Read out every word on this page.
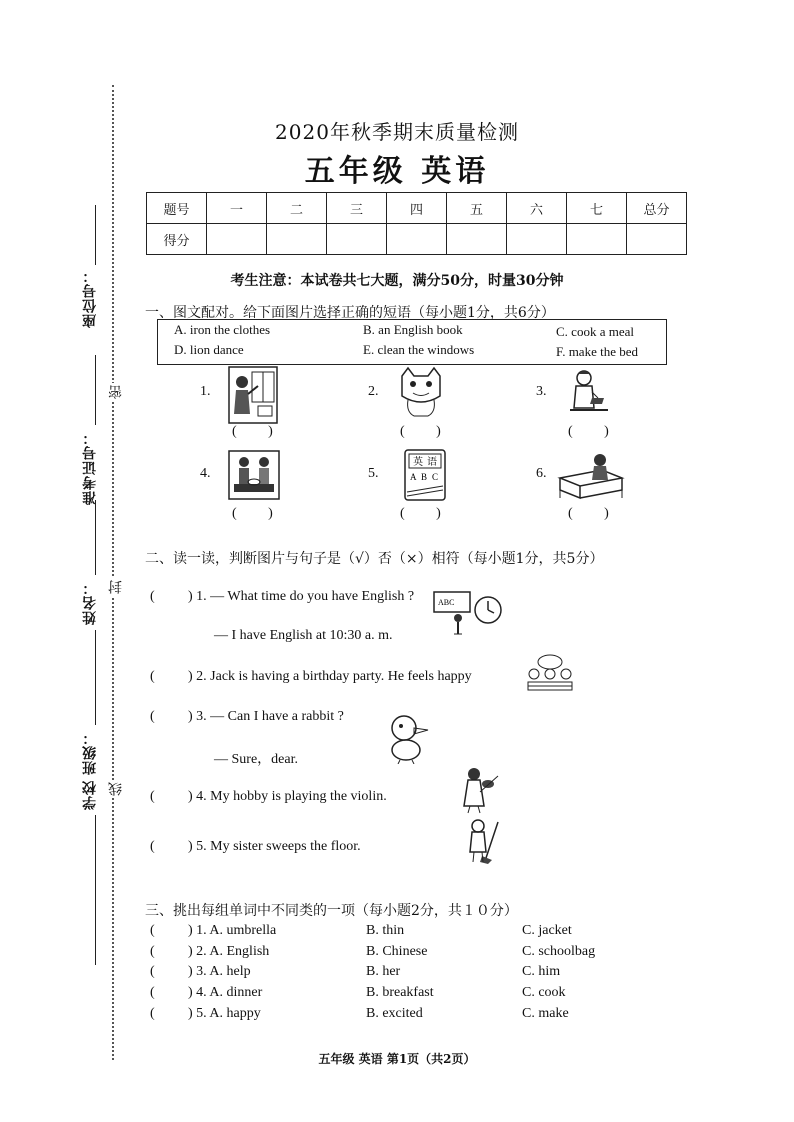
座位号：
准考证号：
姓名：
班级：
学校
密
封
线
2020年秋季期末质量检测
五年级 英语
题号	一	二	三	四	五	六	七	总分
得分								
考生注意：本试卷共七大题，满分50分，时量30分钟
一、图文配对。给下面图片选择正确的短语（每小题1分，共6分）
A. iron the clothes	B. an English book	C. cook a meal
D. lion dance	E. clean the windows	F. make the bed
1.
( )
2.
( )
3.
( )
4.
( )
5.
英 语
A B C
( )
6.
( )
二、读一读，判断图片与句子是（√）否（×）相符（每小题1分，共5分）
( ) 1. — What time do you have English ?	ABC
— I have English at 10:30 a. m.
( ) 2. Jack is having a birthday party. He feels happy
( ) 3. — Can I have a rabbit ?
— Sure，dear.
( ) 4. My hobby is playing the violin.
( ) 5. My sister sweeps the floor.
三、挑出每组单词中不同类的一项（每小题2分，共１０分）
( ) 1. A. umbrella	B. thin	C. jacket
( ) 2. A. English	B. Chinese	C. schoolbag
( ) 3. A. help	B. her	C. him
( ) 4. A. dinner	B. breakfast	C. cook
( ) 5. A. happy	B. excited	C. make
五年级 英语 第1页（共2页）
